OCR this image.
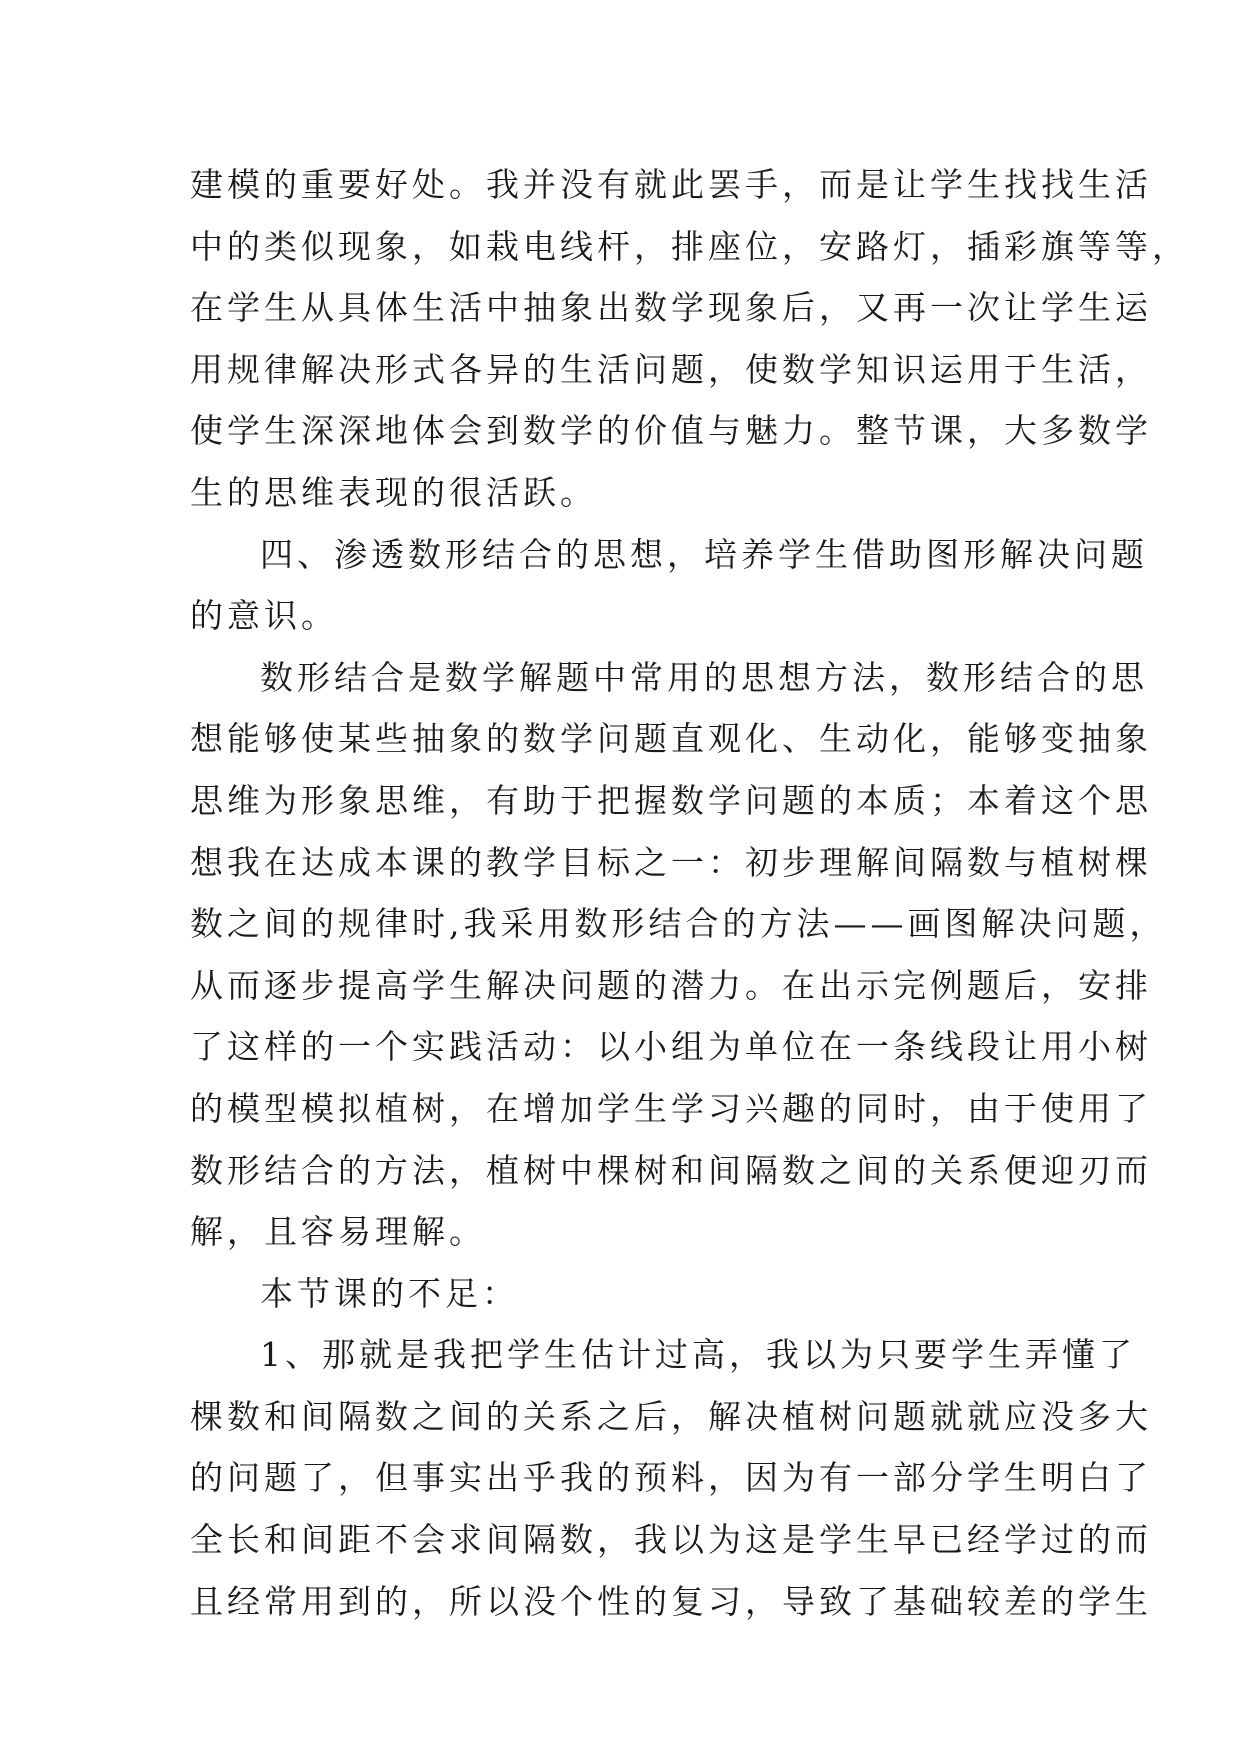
建模的重要好处。我并没有就此罢手，而是让学生找找生活
中的类似现象，如栽电线杆，排座位，安路灯，插彩旗等等，
在学生从具体生活中抽象出数学现象后，又再一次让学生运
用规律解决形式各异的生活问题，使数学知识运用于生活，
使学生深深地体会到数学的价值与魅力。整节课，大多数学
生的思维表现的很活跃。
四、渗透数形结合的思想，培养学生借助图形解决问题
的意识。
数形结合是数学解题中常用的思想方法，数形结合的思
想能够使某些抽象的数学问题直观化、生动化，能够变抽象
思维为形象思维，有助于把握数学问题的本质；本着这个思
想我在达成本课的教学目标之一：初步理解间隔数与植树棵
数之间的规律时,我采用数形结合的方法——画图解决问题，
从而逐步提高学生解决问题的潜力。在出示完例题后，安排
了这样的一个实践活动：以小组为单位在一条线段让用小树
的模型模拟植树，在增加学生学习兴趣的同时，由于使用了
数形结合的方法，植树中棵树和间隔数之间的关系便迎刃而
解，且容易理解。
本节课的不足：
1、那就是我把学生估计过高，我以为只要学生弄懂了
棵数和间隔数之间的关系之后，解决植树问题就就应没多大
的问题了，但事实出乎我的预料，因为有一部分学生明白了
全长和间距不会求间隔数，我以为这是学生早已经学过的而
且经常用到的，所以没个性的复习，导致了基础较差的学生
